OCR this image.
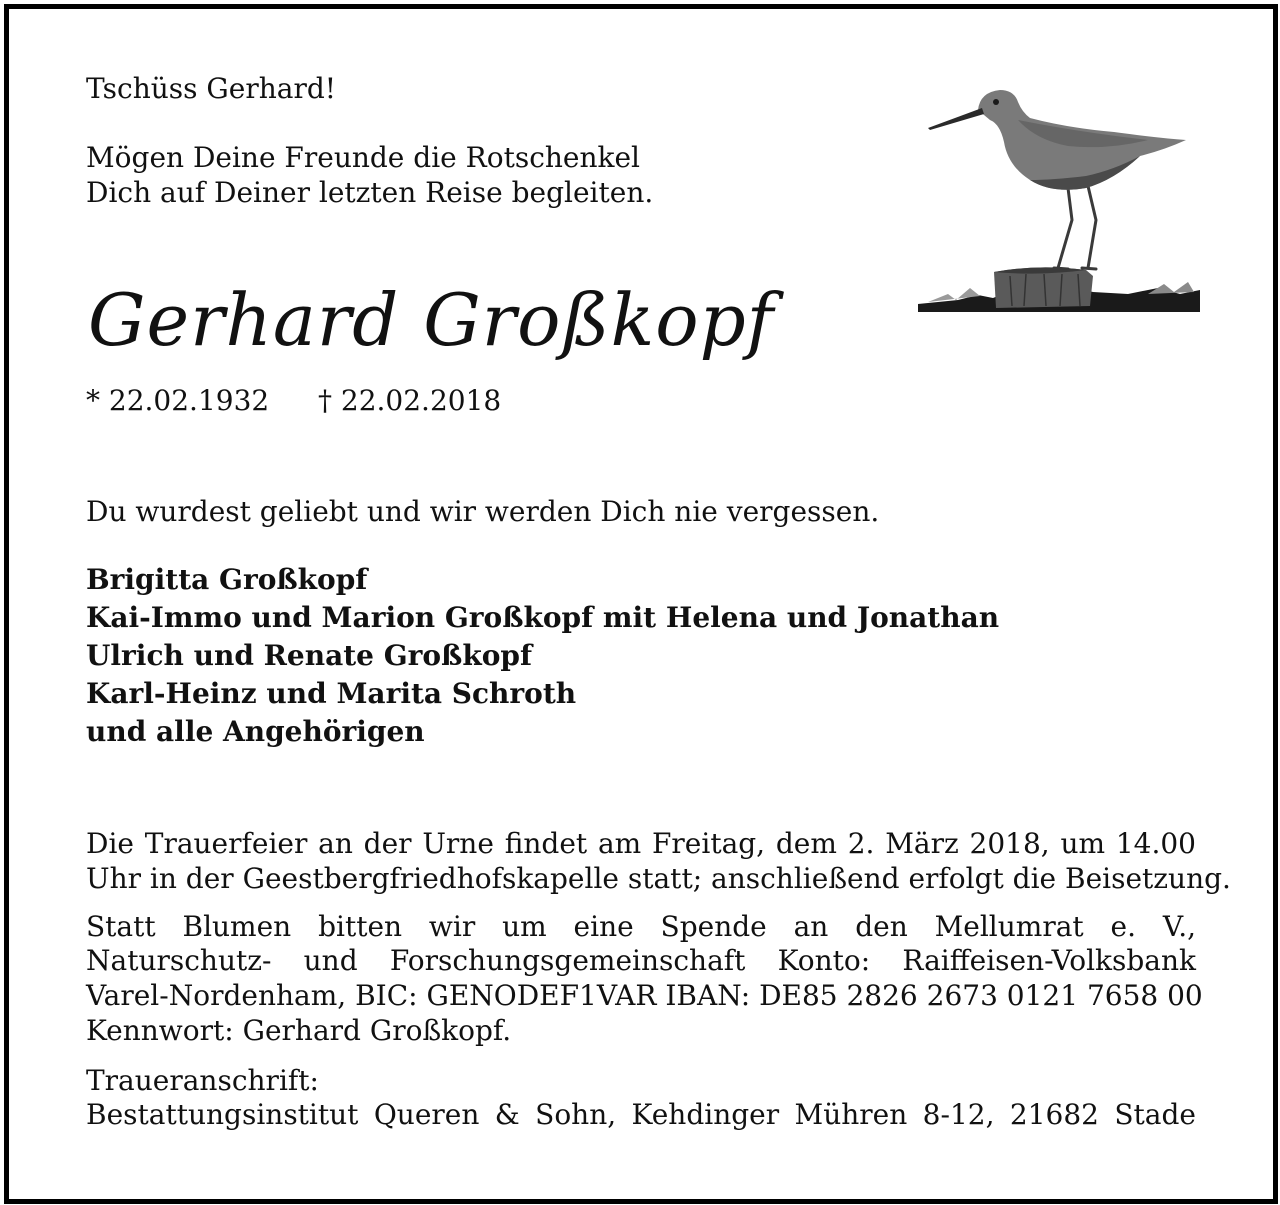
Tschüss Gerhard!
Mögen Deine Freunde die Rotschenkel
Dich auf Deiner letzten Reise begleiten.
Gerhard Großkopf
* 22.02.1932 † 22.02.2018
Du wurdest geliebt und wir werden Dich nie vergessen.
Brigitta Großkopf
Kai-Immo und Marion Großkopf mit Helena und Jonathan
Ulrich und Renate Großkopf
Karl-Heinz und Marita Schroth
und alle Angehörigen
Die Trauerfeier an der Urne findet am Freitag, dem 2. März 2018, um 14.00
Uhr in der Geestbergfriedhofskapelle statt; anschließend erfolgt die Beisetzung.
Statt Blumen bitten wir um eine Spende an den Mellumrat e. V.,
Naturschutz- und Forschungsgemeinschaft Konto: Raiffeisen-Volksbank
Varel-Nordenham, BIC: GENODEF1VAR IBAN: DE85 2826 2673 0121 7658 00
Kennwort: Gerhard Großkopf.
Traueranschrift:
Bestattungsinstitut Queren & Sohn, Kehdinger Mühren 8-12, 21682 Stade
